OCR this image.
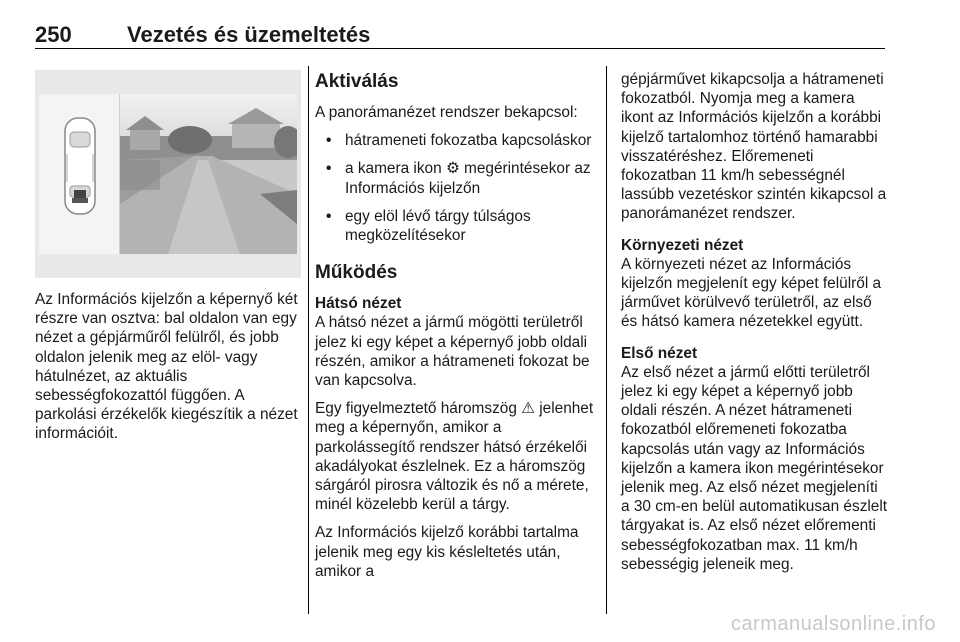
250	Vezetés és üzemeltetés

Az Információs kijelzőn a képernyő két részre van osztva: bal oldalon van egy nézet a gépjárműről felülről, és jobb oldalon jelenik meg az elöl- vagy hátulnézet, az aktuális sebességfokozattól függően. A parkolási érzékelők kiegészítik a nézet információit.

Aktiválás

A panorámanézet rendszer bekapcsol:

• hátrameneti fokozatba kapcsoláskor
• a kamera ikon ⚙ megérintésekor az Információs kijelzőn
• egy elöl lévő tárgy túlságos megközelítésekor
Működés

Hátsó nézet

A hátsó nézet a jármű mögötti területről jelez ki egy képet a képernyő jobb oldali részén, amikor a hátrameneti fokozat be van kapcsolva.

Egy figyelmeztető háromszög ⚠ jelenhet meg a képernyőn, amikor a parkolássegítő rendszer hátsó érzékelői akadályokat észlelnek. Ez a háromszög sárgáról pirosra változik és nő a mérete, minél közelebb kerül a tárgy.

Az Információs kijelző korábbi tartalma jelenik meg egy kis késleltetés után, amikor a

gépjárművet kikapcsolja a hátrameneti fokozatból. Nyomja meg a kamera ikont az Információs kijelzőn a korábbi kijelző tartalomhoz történő hamarabbi visszatéréshez. Előremeneti fokozatban 11 km/h sebességnél lassúbb vezetéskor szintén kikapcsol a panorámanézet rendszer.

Környezeti nézet

A környezeti nézet az Információs kijelzőn megjelenít egy képet felülről a járművet körülvevő területről, az első és hátsó kamera nézetekkel együtt.

Első nézet

Az első nézet a jármű előtti területről jelez ki egy képet a képernyő jobb oldali részén. A nézet hátrameneti fokozatból előremeneti fokozatba kapcsolás után vagy az Információs kijelzőn a kamera ikon megérintésekor jelenik meg. Az első nézet megjeleníti a 30 cm-en belül automatikusan észlelt tárgyakat is. Az első nézet előrementi sebességfokozatban max. 11 km/h sebességig jeleneik meg.

carmanualsonline.info
